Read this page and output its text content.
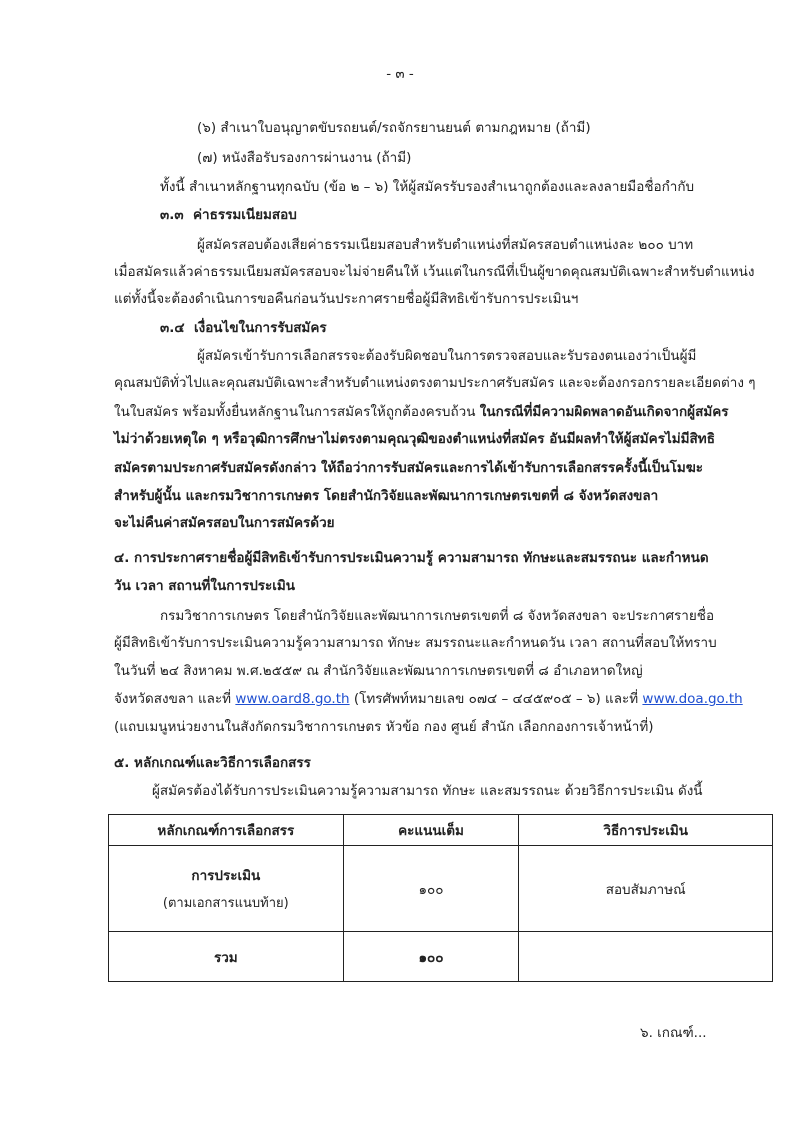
- ๓ -
(๖) สำเนาใบอนุญาตขับรถยนต์/รถจักรยานยนต์ ตามกฎหมาย (ถ้ามี)
(๗) หนังสือรับรองการผ่านงาน (ถ้ามี)
ทั้งนี้ สำเนาหลักฐานทุกฉบับ (ข้อ ๒ – ๖) ให้ผู้สมัครรับรองสำเนาถูกต้องและลงลายมือชื่อกำกับ
๓.๓ ค่าธรรมเนียมสอบ
ผู้สมัครสอบต้องเสียค่าธรรมเนียมสอบสำหรับตำแหน่งที่สมัครสอบตำแหน่งละ ๒๐๐ บาท
เมื่อสมัครแล้วค่าธรรมเนียมสมัครสอบจะไม่จ่ายคืนให้ เว้นแต่ในกรณีที่เป็นผู้ขาดคุณสมบัติเฉพาะสำหรับตำแหน่ง
แต่ทั้งนี้จะต้องดำเนินการขอคืนก่อนวันประกาศรายชื่อผู้มีสิทธิเข้ารับการประเมินฯ
๓.๔ เงื่อนไขในการรับสมัคร
ผู้สมัครเข้ารับการเลือกสรรจะต้องรับผิดชอบในการตรวจสอบและรับรองตนเองว่าเป็นผู้มี
คุณสมบัติทั่วไปและคุณสมบัติเฉพาะสำหรับตำแหน่งตรงตามประกาศรับสมัคร และจะต้องกรอกรายละเอียดต่าง ๆ
ในใบสมัคร พร้อมทั้งยื่นหลักฐานในการสมัครให้ถูกต้องครบถ้วน ในกรณีที่มีความผิดพลาดอันเกิดจากผู้สมัคร
ไม่ว่าด้วยเหตุใด ๆ หรือวุฒิการศึกษาไม่ตรงตามคุณวุฒิของตำแหน่งที่สมัคร อันมีผลทำให้ผู้สมัครไม่มีสิทธิ
สมัครตามประกาศรับสมัครดังกล่าว ให้ถือว่าการรับสมัครและการได้เข้ารับการเลือกสรรครั้งนี้เป็นโมฆะ
สำหรับผู้นั้น และกรมวิชาการเกษตร โดยสำนักวิจัยและพัฒนาการเกษตรเขตที่ ๘ จังหวัดสงขลา
จะไม่คืนค่าสมัครสอบในการสมัครด้วย
๔. การประกาศรายชื่อผู้มีสิทธิเข้ารับการประเมินความรู้ ความสามารถ ทักษะและสมรรถนะ และกำหนด
วัน เวลา สถานที่ในการประเมิน
กรมวิชาการเกษตร โดยสำนักวิจัยและพัฒนาการเกษตรเขตที่ ๘ จังหวัดสงขลา จะประกาศรายชื่อ
ผู้มีสิทธิเข้ารับการประเมินความรู้ความสามารถ ทักษะ สมรรถนะและกำหนดวัน เวลา สถานที่สอบให้ทราบ
ในวันที่ ๒๔ สิงหาคม พ.ศ.๒๕๕๙ ณ สำนักวิจัยและพัฒนาการเกษตรเขตที่ ๘ อำเภอหาดใหญ่
จังหวัดสงขลา และที่ www.oard8.go.th (โทรศัพท์หมายเลข ๐๗๔ – ๔๔๕๙๐๕ – ๖) และที่ www.doa.go.th
(แถบเมนูหน่วยงานในสังกัดกรมวิชาการเกษตร หัวข้อ กอง ศูนย์ สำนัก เลือกกองการเจ้าหน้าที่)
๕. หลักเกณฑ์และวิธีการเลือกสรร
ผู้สมัครต้องได้รับการประเมินความรู้ความสามารถ ทักษะ และสมรรถนะ ด้วยวิธีการประเมิน ดังนี้
หลักเกณฑ์การเลือกสรร	คะแนนเต็ม	วิธีการประเมิน

การประเมิน
(ตามเอกสารแนบท้าย)	๑๐๐	สอบสัมภาษณ์
รวม	๑๐๐	
๖. เกณฑ์...
